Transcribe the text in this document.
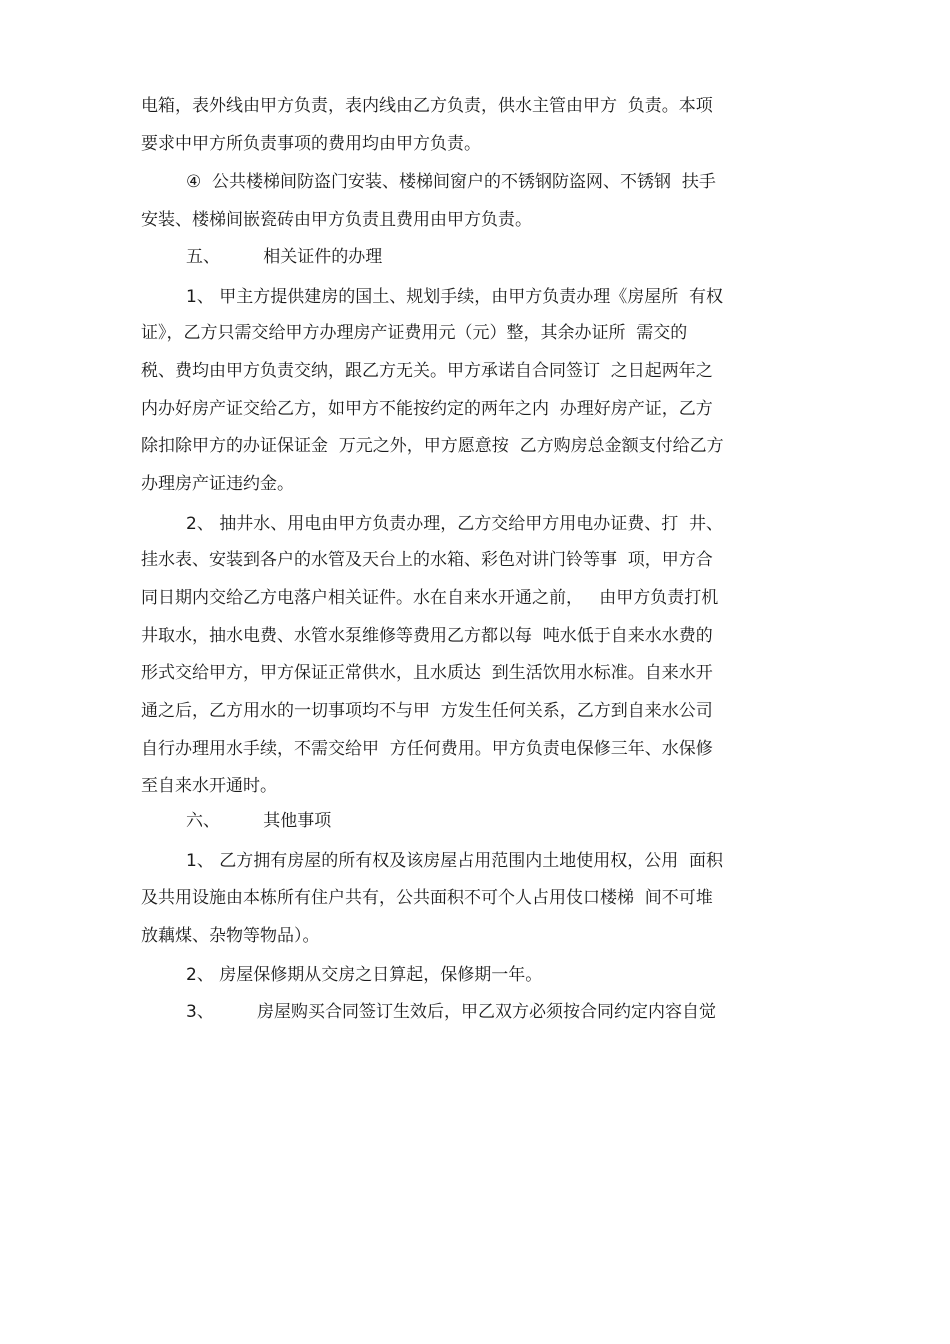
电箱，表外线由甲方负责，表内线由乙方负责，供水主管由甲方  负责。本项

要求中甲方所负责事项的费用均由甲方负责。

④  公共楼梯间防盗门安装、楼梯间窗户的不锈钢防盗网、不锈钢  扶手

安装、楼梯间嵌瓷砖由甲方负责且费用由甲方负责。

五、        相关证件的办理

1、 甲主方提供建房的国土、规划手续，由甲方负责办理《房屋所  有权

证》，乙方只需交给甲方办理房产证费用元（元）整，其余办证所  需交的

税、费均由甲方负责交纳，跟乙方无关。甲方承诺自合同签订  之日起两年之

内办好房产证交给乙方，如甲方不能按约定的两年之内  办理好房产证，乙方

除扣除甲方的办证保证金  万元之外，甲方愿意按  乙方购房总金额支付给乙方

办理房产证违约金。

2、 抽井水、用电由甲方负责办理，乙方交给甲方用电办证费、打  井、

挂水表、安装到各户的水管及天台上的水箱、彩色对讲门铃等事  项，甲方合

同日期内交给乙方电落户相关证件。水在自来水开通之前，   由甲方负责打机

井取水，抽水电费、水管水泵维修等费用乙方都以每  吨水低于自来水水费的

形式交给甲方，甲方保证正常供水，且水质达  到生活饮用水标准。自来水开

通之后，乙方用水的一切事项均不与甲  方发生任何关系，乙方到自来水公司

自行办理用水手续，不需交给甲  方任何费用。甲方负责电保修三年、水保修

至自来水开通时。

六、        其他事项

1、 乙方拥有房屋的所有权及该房屋占用范围内土地使用权，公用  面积

及共用设施由本栋所有住户共有，公共面积不可个人占用伎口楼梯  间不可堆

放藕煤、杂物等物品）。

2、 房屋保修期从交房之日算起，保修期一年。

3、        房屋购买合同签订生效后，甲乙双方必须按合同约定内容自觉
